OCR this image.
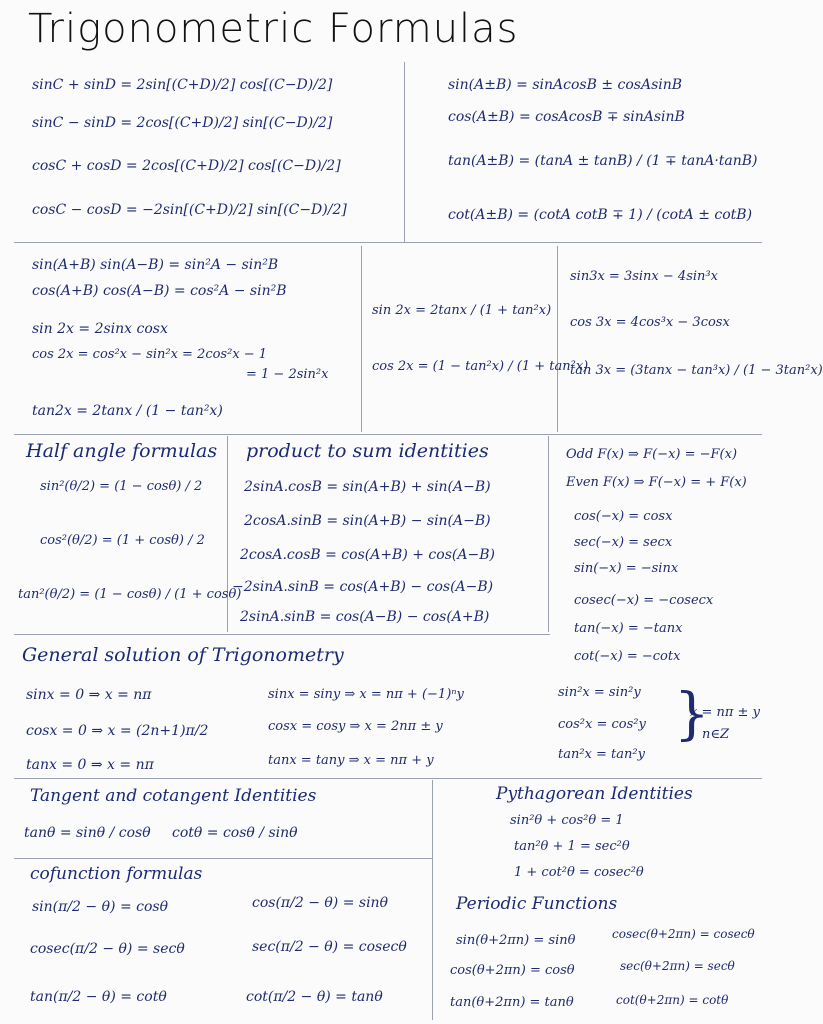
Trigonometric Formulas
sinC + sinD = 2sin[(C+D)/2] cos[(C−D)/2]
sinC − sinD = 2cos[(C+D)/2] sin[(C−D)/2]
cosC + cosD = 2cos[(C+D)/2] cos[(C−D)/2]
cosC − cosD = −2sin[(C+D)/2] sin[(C−D)/2]
sin(A±B) = sinAcosB ± cosAsinB
cos(A±B) = cosAcosB ∓ sinAsinB
tan(A±B) = (tanA ± tanB) / (1 ∓ tanA·tanB)
cot(A±B) = (cotA cotB ∓ 1) / (cotA ± cotB)
sin(A+B) sin(A−B) = sin²A − sin²B
cos(A+B) cos(A−B) = cos²A − sin²B
sin 2x = 2sinx cosx
cos 2x = cos²x − sin²x = 2cos²x − 1
= 1 − 2sin²x
tan2x = 2tanx / (1 − tan²x)
sin 2x = 2tanx / (1 + tan²x)
cos 2x = (1 − tan²x) / (1 + tan²x)
sin3x = 3sinx − 4sin³x
cos 3x = 4cos³x − 3cosx
tan 3x = (3tanx − tan³x) / (1 − 3tan²x)
Half angle formulas
sin²(θ/2) = (1 − cosθ) / 2
cos²(θ/2) = (1 + cosθ) / 2
tan²(θ/2) = (1 − cosθ) / (1 + cosθ)
product to sum identities
2sinA.cosB = sin(A+B) + sin(A−B)
2cosA.sinB = sin(A+B) − sin(A−B)
2cosA.cosB = cos(A+B) + cos(A−B)
−2sinA.sinB = cos(A+B) − cos(A−B)
2sinA.sinB = cos(A−B) − cos(A+B)
Odd F(x) ⇒ F(−x) = −F(x)
Even F(x) ⇒ F(−x) = + F(x)
cos(−x) = cosx
sec(−x) = secx
sin(−x) = −sinx
cosec(−x) = −cosecx
tan(−x) = −tanx
cot(−x) = −cotx
General solution of Trigonometry
sinx = 0 ⇒ x = nπ
cosx = 0 ⇒ x = (2n+1)π/2
tanx = 0 ⇒ x = nπ
sinx = siny ⇒ x = nπ + (−1)ⁿy
cosx = cosy ⇒ x = 2nπ ± y
tanx = tany ⇒ x = nπ + y
sin²x = sin²y
cos²x = cos²y
tan²x = tan²y
}
x = nπ ± y
n∈Z
Tangent and cotangent Identities
tanθ = sinθ / cosθ cotθ = cosθ / sinθ
Pythagorean Identities
sin²θ + cos²θ = 1
tan²θ + 1 = sec²θ
1 + cot²θ = cosec²θ
cofunction formulas
sin(π/2 − θ) = cosθ
cosec(π/2 − θ) = secθ
tan(π/2 − θ) = cotθ
cos(π/2 − θ) = sinθ
sec(π/2 − θ) = cosecθ
cot(π/2 − θ) = tanθ
Periodic Functions
sin(θ+2πn) = sinθ
cos(θ+2πn) = cosθ
tan(θ+2πn) = tanθ
cosec(θ+2πn) = cosecθ
sec(θ+2πn) = secθ
cot(θ+2πn) = cotθ
